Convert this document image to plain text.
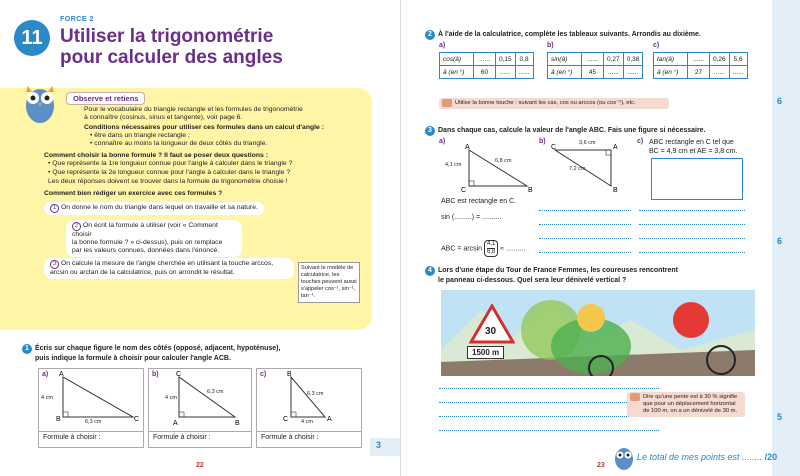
11
FORCE 2
Utiliser la trigonométrie
pour calculer des angles
Observe et retiens
Pour le vocabulaire du triangle rectangle et les formules de trigonométrie
à connaître (cosinus, sinus et tangente), voir page 6.
Conditions nécessaires pour utiliser ces formules dans un calcul d'angle :
• être dans un triangle rectangle ;
• connaître au moins la longueur de deux côtés du triangle.
Comment choisir la bonne formule ? Il faut se poser deux questions :
• Que représente la 1re longueur connue pour l'angle à calculer dans le triangle ?
• Que représente la 2e longueur connue pour l'angle à calculer dans le triangle ?
Les deux réponses doivent se trouver dans la formule de trigonométrie choisie !
Comment bien rédiger un exercice avec ces formules ?
1 On donne le nom du triangle dans lequel on travaille et sa nature.
2 On écrit la formule à utiliser (voir « Comment choisir
la bonne formule ? » ci-dessus), puis on remplace
par les valeurs connues, données dans l'énoncé.
3 On calcule la mesure de l'angle cherchée en utilisant la touche arccos,
arcsin ou arctan de la calculatrice, puis on arrondit le résultat.
Suivant le modèle de calculatrice, les touches peuvent aussi s'appeler cos⁻¹, sin⁻¹, tan⁻¹.
1 Écris sur chaque figure le nom des côtés (opposé, adjacent, hypoténuse),
puis indique la formule à choisir pour calculer l'angle ACB.
a) A
B	C
4 cm
6,3 cm
Formule à choisir :
b) C
A	B
4 cm
6,3 cm
Formule à choisir :
c)	B
C	A
6,3 cm
4 cm
Formule à choisir :
3
22
6
6
5
2 À l'aide de la calculatrice, complète les tableaux suivants. Arrondis au dixième.
a)
cos(â)	......	0,15	0,8
â (en °)	60	......	......
b)
sin(â)	......	0,27	0,38
â (en °)	45	......	......
c)
tan(â)	......	0,26	5,6
â (en °)	27	......	......
Utilise la bonne touche : suivant les cas, cos ou arccos (ou cos⁻¹), etc.
3 Dans chaque cas, calcule la valeur de l'angle ABC. Fais une figure si nécessaire.
a)
A
C	B
4,1 cm
6,8 cm
ABC est rectangle en C.
sin (.........) = ..........
ABC = $\arcsin \frac{4,1}{6,8}$ ≈ ..........
b)
C	A
B
3,6 cm
7,2 cm
c) ABC rectangle en C tel que
BC = 4,9 cm et AE = 3,8 cm.
4 Lors d'une étape du Tour de France Femmes, les coureuses rencontrent
le panneau ci-dessous. Quel sera leur dénivelé vertical ?
30
1500 m
Dire qu'une pente est à 30 % signifie que pour un déplacement horizontal de 100 m, on a un dénivelé de 30 m.
Le total de mes points est ........ /20
23
